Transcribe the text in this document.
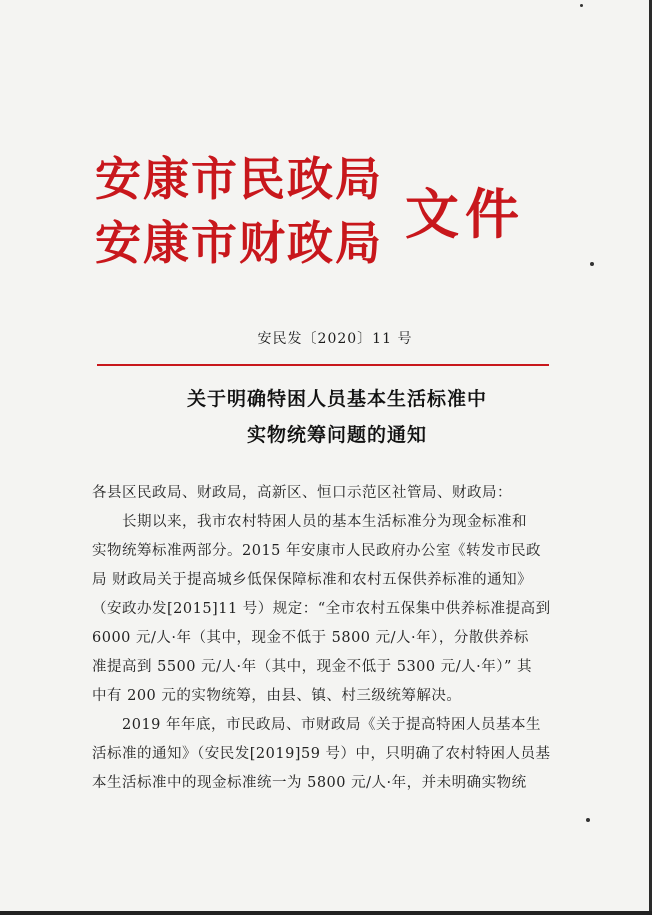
安康市民政局
安康市财政局 文件
安民发〔2020〕11 号
关于明确特困人员基本生活标准中
实物统筹问题的通知
各县区民政局、财政局，高新区、恒口示范区社管局、财政局：
　　长期以来，我市农村特困人员的基本生活标准分为现金标准和
实物统筹标准两部分。2015 年安康市人民政府办公室《转发市民政
局 财政局关于提高城乡低保保障标准和农村五保供养标准的通知》
（安政办发[2015]11 号）规定：“全市农村五保集中供养标准提高到
6000 元/人·年（其中，现金不低于 5800 元/人·年），分散供养标
准提高到 5500 元/人·年（其中，现金不低于 5300 元/人·年）” 其
中有 200 元的实物统筹，由县、镇、村三级统筹解决。
　　2019 年年底，市民政局、市财政局《关于提高特困人员基本生
活标准的通知》（安民发[2019]59 号）中，只明确了农村特困人员基
本生活标准中的现金标准统一为 5800 元/人·年，并未明确实物统
